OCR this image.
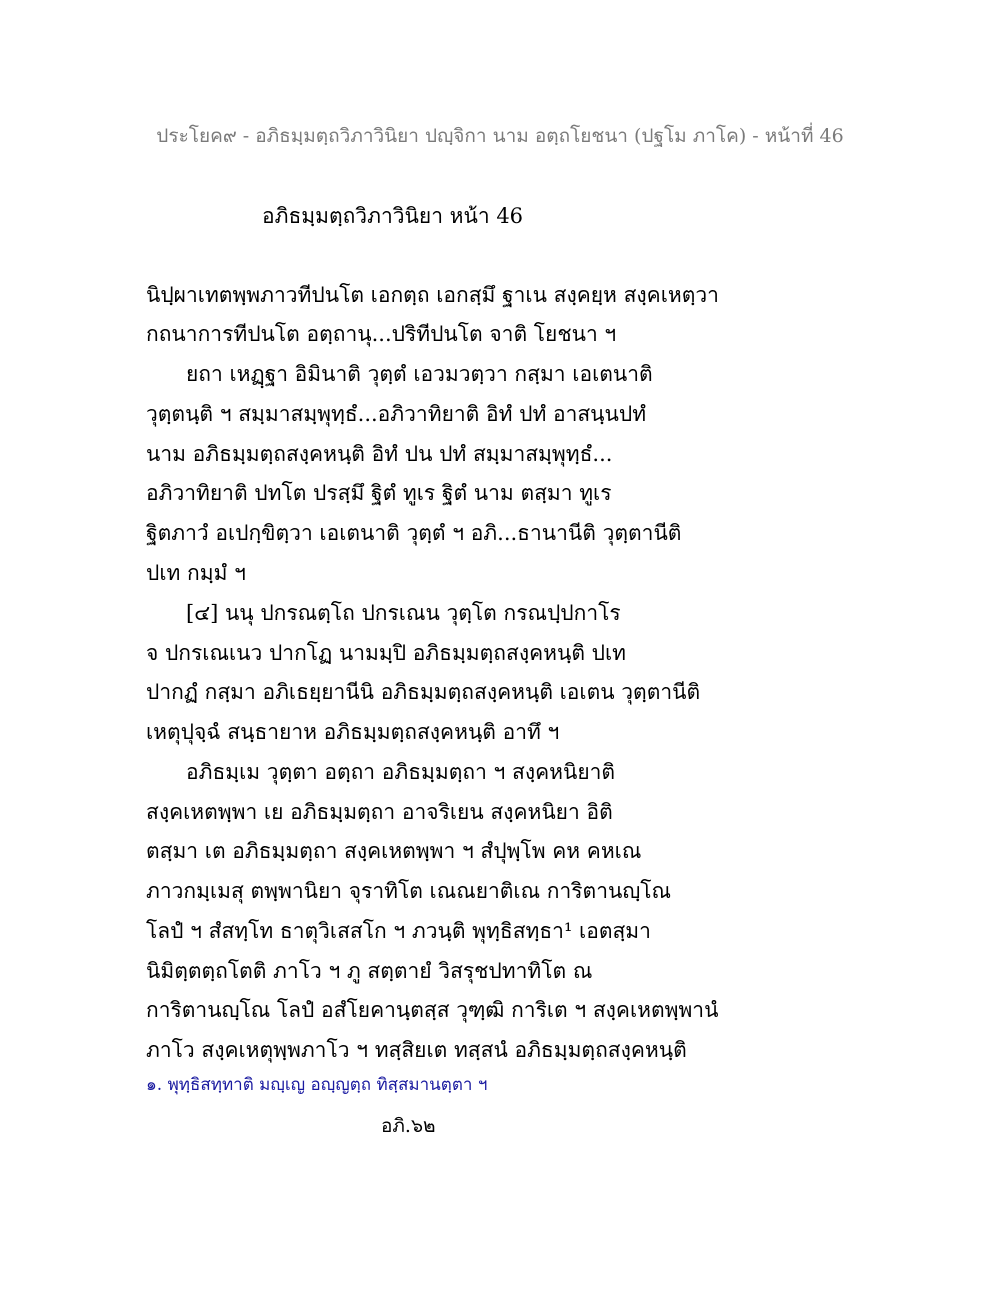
ประโยค๙ - อภิธมฺมตฺถวิภาวินิยา ปญฺจิกา นาม อตฺถโยชนา (ปฐโม ภาโค) - หน้าที่ 46
อภิธมฺมตฺถวิภาวินิยา หน้า 46
นิปฺผาเทตพฺพภาวทีปนโต เอกตฺถ เอกสฺมึ ฐาเน สงฺคยฺห สงฺคเหตฺวา
กถนาการทีปนโต อตฺถานุ...ปริทีปนโต จาติ โยชนา ฯ
ยถา เหฏฺฐา อิมินาติ วุตฺตํ เอวมวตฺวา กสฺมา เอเตนาติ
วุตฺตนฺติ ฯ สมฺมาสมฺพุทฺธํ...อภิวาทิยาติ อิทํ ปทํ อาสนฺนปทํ
นาม อภิธมฺมตฺถสงฺคหนฺติ อิทํ ปน ปทํ สมฺมาสมฺพุทฺธํ...
อภิวาทิยาติ ปทโต ปรสฺมึ ฐิตํ ทูเร ฐิตํ นาม ตสฺมา ทูเร
ฐิตภาวํ อเปกฺขิตฺวา เอเตนาติ วุตฺตํ ฯ อภิ...ธานานีติ วุตฺตานีติ
ปเท กมฺมํ ฯ
[๔] นนุ ปกรณตฺโถ ปกรเณน วุตฺโต กรณปฺปกาโร
จ ปกรเณเนว ปากโฏ นามมฺปิ อภิธมฺมตฺถสงฺคหนฺติ ปเท
ปากฏํ กสฺมา อภิเธยฺยานีนิ อภิธมฺมตฺถสงฺคหนฺติ เอเตน วุตฺตานีติ
เหตุปุจฺฉํ สนฺธายาห อภิธมฺมตฺถสงฺคหนฺติ อาทึ ฯ
อภิธมฺเม วุตฺตา อตฺถา อภิธมฺมตฺถา ฯ สงฺคหนิยาติ
สงฺคเหตพฺพา เย อภิธมฺมตฺถา อาจริเยน สงฺคหนิยา อิติ
ตสฺมา เต อภิธมฺมตฺถา สงฺคเหตพฺพา ฯ สํปุพฺโพ คห คหเณ
ภาวกมฺเมสุ ตพฺพานิยา จุราทิโต เณณยาติเณ การิตานญฺโณ
โลปํ ฯ สํสทฺโท ธาตุวิเสสโก ฯ ภวนฺติ พุทฺธิสทฺธา¹ เอตสฺมา
นิมิตฺตตฺถโตติ ภาโว ฯ ภู สตฺตายํ วิสรุชปทาทิโต ณ
การิตานญฺโณ โลปํ อสํโยคานฺตสฺส วุฑฺฒิ การิเต ฯ สงฺคเหตพฺพานํ
ภาโว สงฺคเหตุพฺพภาโว ฯ ทสฺสิยเต ทสฺสนํ อภิธมฺมตฺถสงฺคหนฺติ
๑. พุทฺธิสทฺทาติ มญฺเญ อญฺญตฺถ ทิสฺสมานตฺตา ฯ
อภิ.๖๒
